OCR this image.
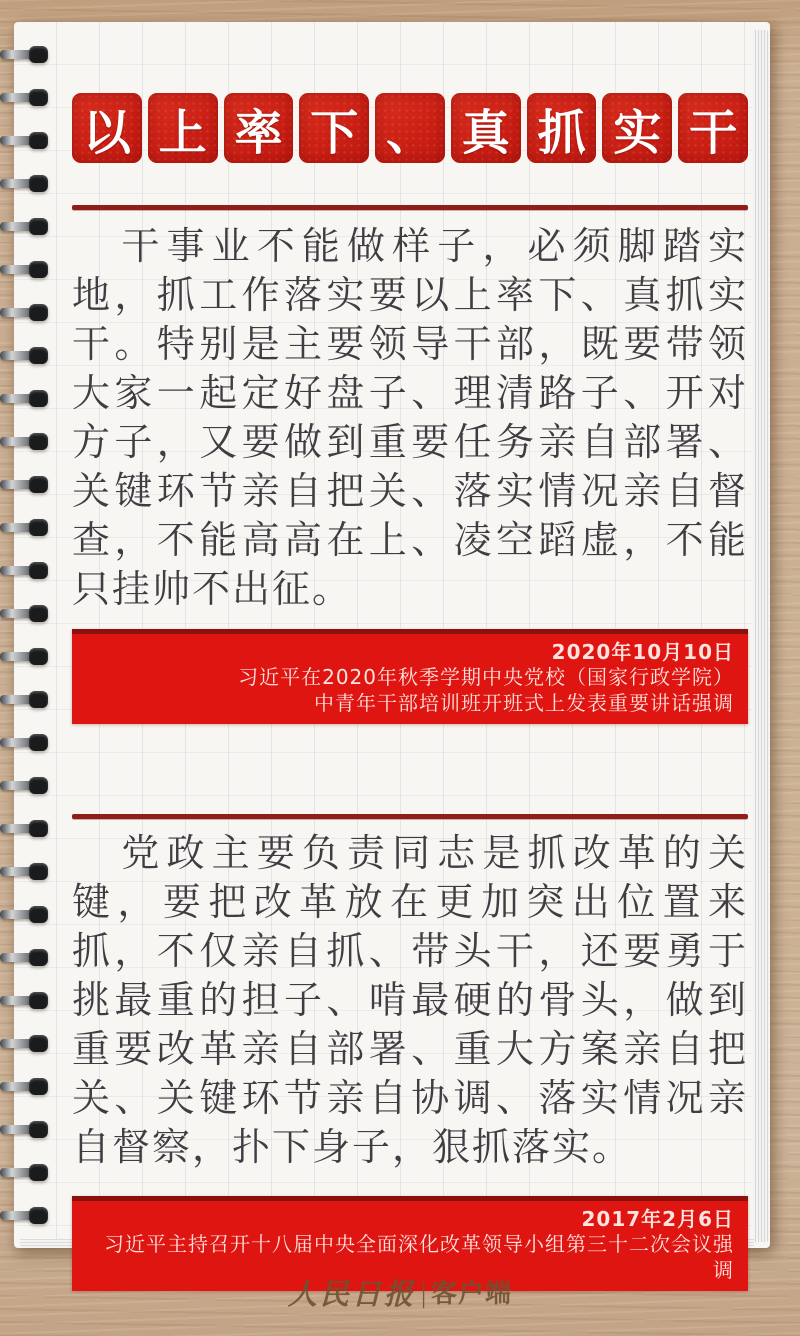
以 上 率 下 、 真 抓 实 干
干事业不能做样子，必须脚踏实地，抓工作落实要以上率下、真抓实干。特别是主要领导干部，既要带领大家一起定好盘子、理清路子、开对方子，又要做到重要任务亲自部署、关键环节亲自把关、落实情况亲自督查，不能高高在上、凌空蹈虚，不能只挂帅不出征。
2020年10月10日
习近平在2020年秋季学期中央党校（国家行政学院）
中青年干部培训班开班式上发表重要讲话强调
党政主要负责同志是抓改革的关键，要把改革放在更加突出位置来抓，不仅亲自抓、带头干，还要勇于挑最重的担子、啃最硬的骨头，做到重要改革亲自部署、重大方案亲自把关、关键环节亲自协调、落实情况亲自督察，扑下身子，狠抓落实。
2017年2月6日
习近平主持召开十八届中央全面深化改革领导小组第三十二次会议强调
人民日报 | 客户端
